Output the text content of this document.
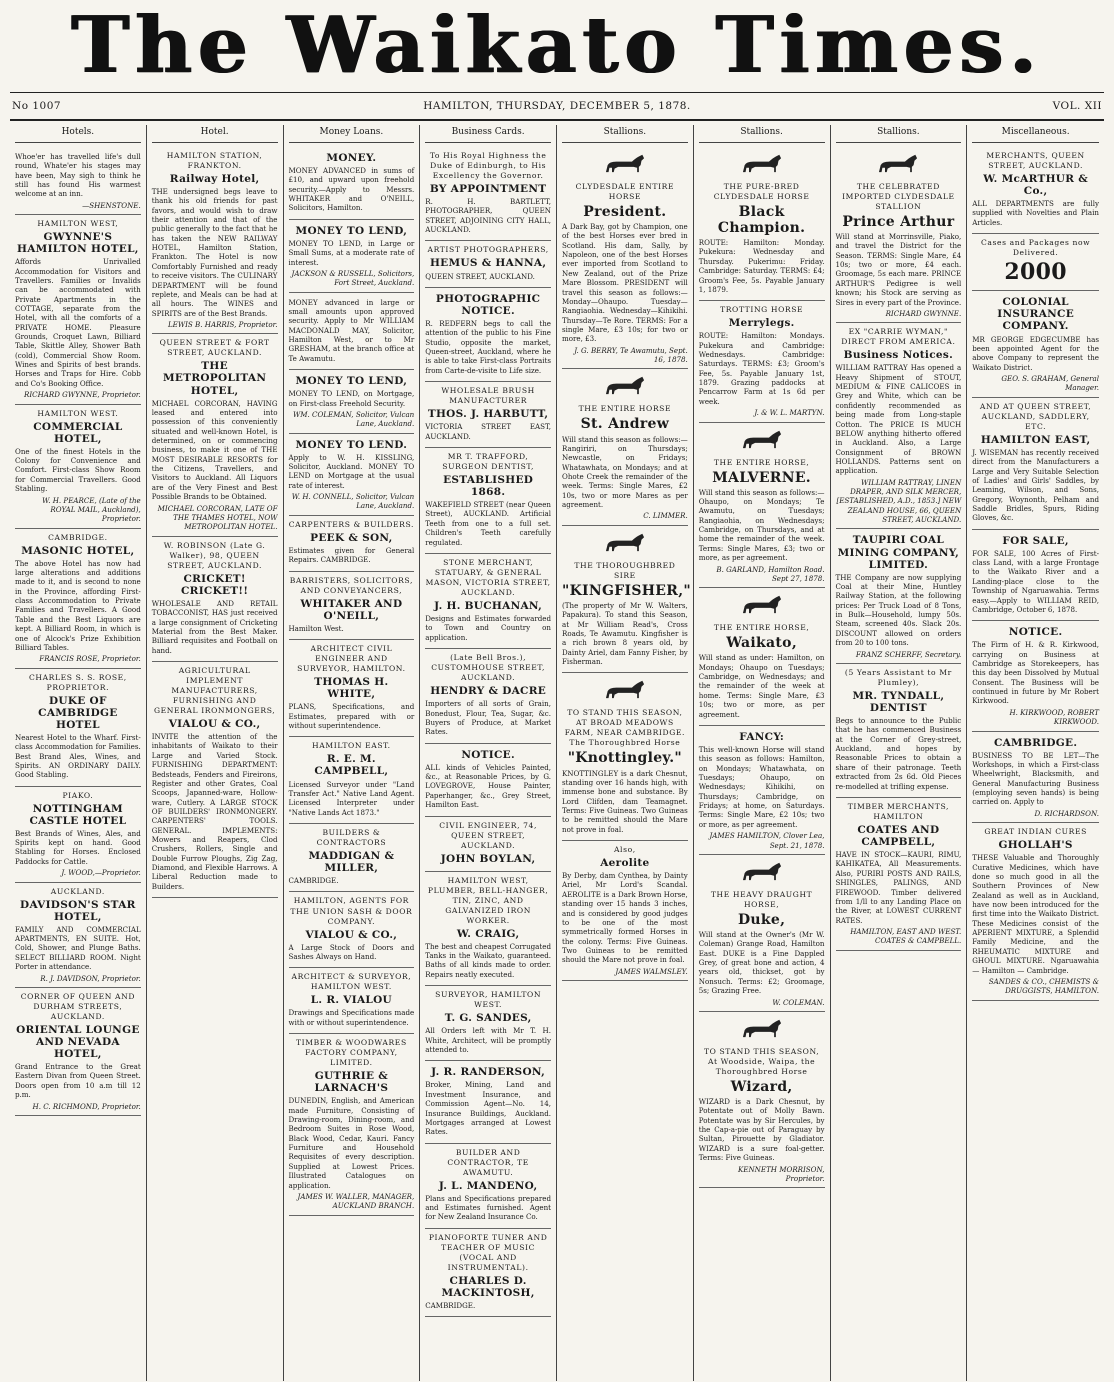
The Waikato Times.
No 1007	HAMILTON, THURSDAY, DECEMBER 5, 1878.	VOL. XII
Hotels.
Whoe'er has travelled life's dull round, Whate'er his stages may have been, May sigh to think he still has found His warmest welcome at an inn.
—SHENSTONE.
HAMILTON WEST,
GWYNNE'S HAMILTON HOTEL,
Affords Unrivalled Accommodation for Visitors and Travellers. Families or Invalids can be accommodated with Private Apartments in the COTTAGE, separate from the Hotel, with all the comforts of a PRIVATE HOME. Pleasure Grounds, Croquet Lawn, Billiard Table, Skittle Alley, Shower Bath (cold), Commercial Show Room. Wines and Spirits of best brands. Horses and Traps for Hire. Cobb and Co's Booking Office.
RICHARD GWYNNE, Proprietor.
HAMILTON WEST.
COMMERCIAL HOTEL,
One of the finest Hotels in the Colony for Convenience and Comfort. First-class Show Room for Commercial Travellers. Good Stabling.
W. H. PEARCE, (Late of the ROYAL MAIL, Auckland), Proprietor.
CAMBRIDGE.
MASONIC HOTEL,
The above Hotel has now had large alterations and additions made to it, and is second to none in the Province, affording First-class Accommodation to Private Families and Travellers. A Good Table and the Best Liquors are kept. A Billiard Room, in which is one of Alcock's Prize Exhibition Billiard Tables.
FRANCIS ROSE, Proprietor.
CHARLES S. S. ROSE, PROPRIETOR.
DUKE OF CAMBRIDGE HOTEL
Nearest Hotel to the Wharf. First-class Accommodation for Families. Best Brand Ales, Wines, and Spirits. AN ORDINARY DAILY. Good Stabling.
PIAKO.
NOTTINGHAM CASTLE HOTEL
Best Brands of Wines, Ales, and Spirits kept on hand. Good Stabling for Horses. Enclosed Paddocks for Cattle.
J. WOOD,—Proprietor.
AUCKLAND.
DAVIDSON'S STAR HOTEL,
FAMILY AND COMMERCIAL APARTMENTS, EN SUITE. Hot, Cold, Shower, and Plunge Baths. SELECT BILLIARD ROOM. Night Porter in attendance.
R. J. DAVIDSON, Proprietor.
CORNER OF QUEEN AND DURHAM STREETS, AUCKLAND.
ORIENTAL LOUNGE AND NEVADA HOTEL,
Grand Entrance to the Great Eastern Divan from Queen Street. Doors open from 10 a.m till 12 p.m.
H. C. RICHMOND, Proprietor.
Hotel.
HAMILTON STATION, FRANKTON.
Railway Hotel,
THE undersigned begs leave to thank his old friends for past favors, and would wish to draw their attention and that of the public generally to the fact that he has taken the NEW RAILWAY HOTEL, Hamilton Station, Frankton. The Hotel is now Comfortably Furnished and ready to receive visitors. The CULINARY DEPARTMENT will be found replete, and Meals can be had at all hours. The WINES and SPIRITS are of the Best Brands.
LEWIS B. HARRIS, Proprietor.
QUEEN STREET & FORT STREET, AUCKLAND.
THE METROPOLITAN HOTEL,
MICHAEL CORCORAN, HAVING leased and entered into possession of this conveniently situated and well-known Hotel, is determined, on or commencing business, to make it one of THE MOST DESIRABLE RESORTS for the Citizens, Travellers, and Visitors to Auckland. All Liquors are of the Very Finest and Best Possible Brands to be Obtained.
MICHAEL CORCORAN, LATE OF THE THAMES HOTEL, NOW METROPOLITAN HOTEL.
W. ROBINSON (Late G. Walker), 98, QUEEN STREET, AUCKLAND.
CRICKET! CRICKET!!
WHOLESALE AND RETAIL TOBACCONIST, HAS just received a large consignment of Cricketing Material from the Best Maker. Billiard requisites and Football on hand.
AGRICULTURAL IMPLEMENT MANUFACTURERS, FURNISHING AND GENERAL IRONMONGERS,
VIALOU & CO.,
INVITE the attention of the inhabitants of Waikato to their Large and Varied Stock. FURNISHING DEPARTMENT: Bedsteads, Fenders and Fireirons, Register and other Grates, Coal Scoops, Japanned-ware, Hollow-ware, Cutlery. A LARGE STOCK OF BUILDERS' IRONMONGERY. CARPENTERS' TOOLS. GENERAL. IMPLEMENTS: Mowers and Reapers, Clod Crushers, Rollers, Single and Double Furrow Ploughs, Zig Zag, Diamond, and Flexible Harrows. A Liberal Reduction made to Builders.
Money Loans.
MONEY.
MONEY ADVANCED in sums of £10, and upward upon freehold security.—Apply to Messrs. WHITAKER and O'NEILL, Solicitors, Hamilton.
MONEY TO LEND,
MONEY TO LEND, in Large or Small Sums, at a moderate rate of interest.
JACKSON & RUSSELL, Solicitors, Fort Street, Auckland.
MONEY advanced in large or small amounts upon approved security. Apply to Mr WILLIAM MACDONALD MAY, Solicitor, Hamilton West, or to Mr GRESHAM, at the branch office at Te Awamutu.
MONEY TO LEND,
MONEY TO LEND, on Mortgage, on First-class Freehold Security.
WM. COLEMAN, Solicitor, Vulcan Lane, Auckland.
MONEY TO LEND.
Apply to W. H. KISSLING, Solicitor, Auckland. MONEY TO LEND on Mortgage at the usual rate of interest.
W. H. CONNELL, Solicitor, Vulcan Lane, Auckland.
CARPENTERS & BUILDERS.
PEEK & SON,
Estimates given for General Repairs. CAMBRIDGE.
BARRISTERS, SOLICITORS, AND CONVEYANCERS,
WHITAKER AND O'NEILL,
Hamilton West.
ARCHITECT CIVIL ENGINEER AND SURVEYOR, HAMILTON.
THOMAS H. WHITE,
PLANS, Specifications, and Estimates, prepared with or without superintendence.
HAMILTON EAST.
R. E. M. CAMPBELL,
Licensed Surveyor under "Land Transfer Act." Native Land Agent. Licensed Interpreter under "Native Lands Act 1873."
BUILDERS & CONTRACTORS
MADDIGAN & MILLER,
CAMBRIDGE.
HAMILTON, AGENTS FOR THE UNION SASH & DOOR COMPANY.
VIALOU & CO.,
A Large Stock of Doors and Sashes Always on Hand.
ARCHITECT & SURVEYOR, HAMILTON WEST.
L. R. VIALOU
Drawings and Specifications made with or without superintendence.
TIMBER & WOODWARES FACTORY COMPANY, LIMITED.
GUTHRIE & LARNACH'S
DUNEDIN, English, and American made Furniture, Consisting of Drawing-room, Dining-room, and Bedroom Suites in Rose Wood, Black Wood, Cedar, Kauri. Fancy Furniture and Household Requisites of every description. Supplied at Lowest Prices. Illustrated Catalogues on application.
JAMES W. WALLER, MANAGER, AUCKLAND BRANCH.
Business Cards.
To His Royal Highness the Duke of Edinburgh, to His Excellency the Governor.
BY APPOINTMENT
R. H. BARTLETT, PHOTOGRAPHER, QUEEN STREET, ADJOINING CITY HALL, AUCKLAND.
ARTIST PHOTOGRAPHERS,
HEMUS & HANNA,
QUEEN STREET, AUCKLAND.
PHOTOGRAPHIC NOTICE.
R. REDFERN begs to call the attention of the public to his Fine Studio, opposite the market, Queen-street, Auckland, where he is able to take First-class Portraits from Carte-de-visite to Life size.
WHOLESALE BRUSH MANUFACTURER
THOS. J. HARBUTT,
VICTORIA STREET EAST, AUCKLAND.
MR T. TRAFFORD, SURGEON DENTIST,
ESTABLISHED 1868.
WAKEFIELD STREET (near Queen Street), AUCKLAND. Artificial Teeth from one to a full set. Children's Teeth carefully regulated.
STONE MERCHANT, STATUARY, & GENERAL MASON, VICTORIA STREET, AUCKLAND.
J. H. BUCHANAN,
Designs and Estimates forwarded to Town and Country on application.
(Late Bell Bros.), CUSTOMHOUSE STREET, AUCKLAND.
HENDRY & DACRE
Importers of all sorts of Grain, Bonedust, Flour, Tea, Sugar, &c. Buyers of Produce, at Market Rates.
NOTICE.
ALL kinds of Vehicles Painted, &c., at Reasonable Prices, by G. LOVEGROVE, House Painter, Paperhanger, &c., Grey Street, Hamilton East.
CIVIL ENGINEER, 74, QUEEN STREET, AUCKLAND.
JOHN BOYLAN,
HAMILTON WEST, PLUMBER, BELL-HANGER, TIN, ZINC, AND GALVANIZED IRON WORKER.
W. CRAIG,
The best and cheapest Corrugated Tanks in the Waikato, guaranteed. Baths of all kinds made to order. Repairs neatly executed.
SURVEYOR, HAMILTON WEST.
T. G. SANDES,
All Orders left with Mr T. H. White, Architect, will be promptly attended to.
J. R. RANDERSON,
Broker, Mining, Land and Investment Insurance, and Commission Agent—No. 14, Insurance Buildings, Auckland. Mortgages arranged at Lowest Rates.
BUILDER AND CONTRACTOR, TE AWAMUTU.
J. L. MANDENO,
Plans and Specifications prepared and Estimates furnished. Agent for New Zealand Insurance Co.
PIANOFORTE TUNER AND TEACHER OF MUSIC (VOCAL AND INSTRUMENTAL).
CHARLES D. MACKINTOSH,
CAMBRIDGE.
Stallions.
CLYDESDALE ENTIRE HORSE
President.
A Dark Bay, got by Champion, one of the best Horses ever bred in Scotland. His dam, Sally, by Napoleon, one of the best Horses ever imported from Scotland to New Zealand, out of the Prize Mare Blossom. PRESIDENT will travel this season as follows:—Monday—Ohaupo. Tuesday—Rangiaohia. Wednesday—Kihikihi. Thursday—Te Rore. TERMS: For a single Mare, £3 10s; for two or more, £3.
J. G. BERRY, Te Awamutu, Sept. 16, 1878.
THE ENTIRE HORSE
St. Andrew
Will stand this season as follows:—Rangiriri, on Thursdays; Newcastle, on Fridays; Whatawhata, on Mondays; and at Ohote Creek the remainder of the week. Terms: Single Mares, £2 10s, two or more Mares as per agreement.
C. LIMMER.
THE THOROUGHBRED SIRE
"KINGFISHER,"
(The property of Mr W. Walters, Papakura). To stand this Season, at Mr William Read's, Cross Roads, Te Awamutu. Kingfisher is a rich brown 8 years old, by Dainty Ariel, dam Fanny Fisher, by Fisherman.
TO STAND THIS SEASON, AT BROAD MEADOWS FARM, NEAR CAMBRIDGE. The Thoroughbred Horse
"Knottingley."
KNOTTINGLEY is a dark Chesnut, standing over 16 hands high, with immense bone and substance. By Lord Clifden, dam Teamagnet. Terms: Five Guineas. Two Guineas to be remitted should the Mare not prove in foal.
Also,
Aerolite
By Derby, dam Cynthea, by Dainty Ariel, Mr Lord's Scandal. AEROLITE is a Dark Brown Horse, standing over 15 hands 3 inches, and is considered by good judges to be one of the most symmetrically formed Horses in the colony. Terms: Five Guineas. Two Guineas to be remitted should the Mare not prove in foal.
JAMES WALMSLEY.
Stallions.
THE PURE-BRED CLYDESDALE HORSE
Black Champion.
ROUTE: Hamilton: Monday. Pukekura: Wednesday and Thursday. Pukerimu: Friday. Cambridge: Saturday. TERMS: £4; Groom's Fee, 5s. Payable January 1, 1879.
TROTTING HORSE
Merrylegs.
ROUTE: Hamilton: Mondays. Pukekura and Cambridge: Wednesdays. Cambridge: Saturdays. TERMS: £3; Groom's Fee, 5s. Payable January 1st, 1879. Grazing paddocks at Pencarrow Farm at 1s 6d per week.
J. & W. L. MARTYN.
THE ENTIRE HORSE,
MALVERNE.
Will stand this season as follows:—Ohaupo, on Mondays; Te Awamutu, on Tuesdays; Rangiaohia, on Wednesdays; Cambridge, on Thursdays, and at home the remainder of the week. Terms: Single Mares, £3; two or more, as per agreement.
B. GARLAND, Hamilton Road. Sept 27, 1878.
THE ENTIRE HORSE,
Waikato,
Will stand as under: Hamilton, on Mondays; Ohaupo on Tuesdays; Cambridge, on Wednesdays; and the remainder of the week at home. Terms: Single Mare, £3 10s; two or more, as per agreement.
FANCY:
This well-known Horse will stand this season as follows: Hamilton, on Mondays; Whatawhata, on Tuesdays; Ohaupo, on Wednesdays; Kihikihi, on Thursdays; Cambridge, on Fridays; at home, on Saturdays. Terms: Single Mare, £2 10s; two or more, as per agreement.
JAMES HAMILTON, Clover Lea, Sept. 21, 1878.
THE HEAVY DRAUGHT HORSE,
Duke,
Will stand at the Owner's (Mr W. Coleman) Grange Road, Hamilton East. DUKE is a Fine Dappled Grey, of great bone and action, 4 years old, thickset, got by Nonsuch. Terms: £2; Groomage, 5s; Grazing Free.
W. COLEMAN.
TO STAND THIS SEASON, At Woodside, Waipa, the Thoroughbred Horse
Wizard,
WIZARD is a Dark Chesnut, by Potentate out of Molly Bawn. Potentate was by Sir Hercules, by the Cap-a-pie out of Paraguay by Sultan, Pirouette by Gladiator. WIZARD is a sure foal-getter. Terms: Five Guineas.
KENNETH MORRISON, Proprietor.
Stallions.
THE CELEBRATED IMPORTED CLYDESDALE STALLION
Prince Arthur
Will stand at Morrinsville, Piako, and travel the District for the Season. TERMS: Single Mare, £4 10s; two or more, £4 each. Groomage, 5s each mare. PRINCE ARTHUR'S Pedigree is well known; his Stock are serving as Sires in every part of the Province.
RICHARD GWYNNE.
EX "CARRIE WYMAN," DIRECT FROM AMERICA.
Business Notices.
WILLIAM RATTRAY Has opened a Heavy Shipment of STOUT, MEDIUM & FINE CALICOES in Grey and White, which can be confidently recommended as being made from Long-staple Cotton. The PRICE IS MUCH BELOW anything hitherto offered in Auckland. Also, a Large Consignment of BROWN HOLLANDS. Patterns sent on application.
WILLIAM RATTRAY, LINEN DRAPER, AND SILK MERCER, [ESTABLISHED, A.D., 1853.] NEW ZEALAND HOUSE, 66, QUEEN STREET, AUCKLAND.
TAUPIRI COAL MINING COMPANY, LIMITED.
THE Company are now supplying Coal at their Mine, Huntley Railway Station, at the following prices: Per Truck Load of 8 Tons, in Bulk—Household, lumpy 50s. Steam, screened 40s. Slack 20s. DISCOUNT allowed on orders from 20 to 100 tons.
FRANZ SCHERFF, Secretary.
(5 Years Assistant to Mr Plumley),
MR. TYNDALL, DENTIST
Begs to announce to the Public that he has commenced Business at the Corner of Grey-street, Auckland, and hopes by Reasonable Prices to obtain a share of their patronage. Teeth extracted from 2s 6d. Old Pieces re-modelled at trifling expense.
TIMBER MERCHANTS, HAMILTON
COATES AND CAMPBELL,
HAVE IN STOCK—KAURI, RIMU, KAHIKATEA, All Measurements. Also, PURIRI POSTS AND RAILS, SHINGLES, PALINGS, AND FIREWOOD. Timber delivered from 1/ll to any Landing Place on the River, at LOWEST CURRENT RATES.
HAMILTON, EAST AND WEST. COATES & CAMPBELL.
Miscellaneous.
MERCHANTS, QUEEN STREET, AUCKLAND.
W. McARTHUR & Co.,
ALL DEPARTMENTS are fully supplied with Novelties and Plain Articles.
Cases and Packages now Delivered.
2000
COLONIAL INSURANCE COMPANY.
MR GEORGE EDGECUMBE has been appointed Agent for the above Company to represent the Waikato District.
GEO. S. GRAHAM, General Manager.
AND AT QUEEN STREET, AUCKLAND, SADDLERY, ETC.
HAMILTON EAST,
J. WISEMAN has recently received direct from the Manufacturers a Large and Very Suitable Selection of Ladies' and Girls' Saddles, by Leaming, Wilson, and Sons, Gregory, Woynonth, Pelham and Saddle Bridles, Spurs, Riding Gloves, &c.
FOR SALE,
FOR SALE, 100 Acres of First-class Land, with a large Frontage to the Waikato River and a Landing-place close to the Township of Ngaruawahia. Terms easy.—Apply to WILLIAM REID, Cambridge, October 6, 1878.
NOTICE.
The Firm of H. & R. Kirkwood, carrying on Business at Cambridge as Storekeepers, has this day been Dissolved by Mutual Consent. The Business will be continued in future by Mr Robert Kirkwood.
H. KIRKWOOD, ROBERT KIRKWOOD.
CAMBRIDGE.
BUSINESS TO BE LET—The Workshops, in which a First-class Wheelwright, Blacksmith, and General Manufacturing Business (employing seven hands) is being carried on. Apply to
D. RICHARDSON.
GREAT INDIAN CURES
GHOLLAH'S
THESE Valuable and Thoroughly Curative Medicines, which have done so much good in all the Southern Provinces of New Zealand as well as in Auckland, have now been introduced for the first time into the Waikato District. These Medicines consist of the APERIENT MIXTURE, a Splendid Family Medicine, and the RHEUMATIC MIXTURE and GHOUL MIXTURE. Ngaruawahia — Hamilton — Cambridge.
SANDES & CO., CHEMISTS & DRUGGISTS, HAMILTON.
